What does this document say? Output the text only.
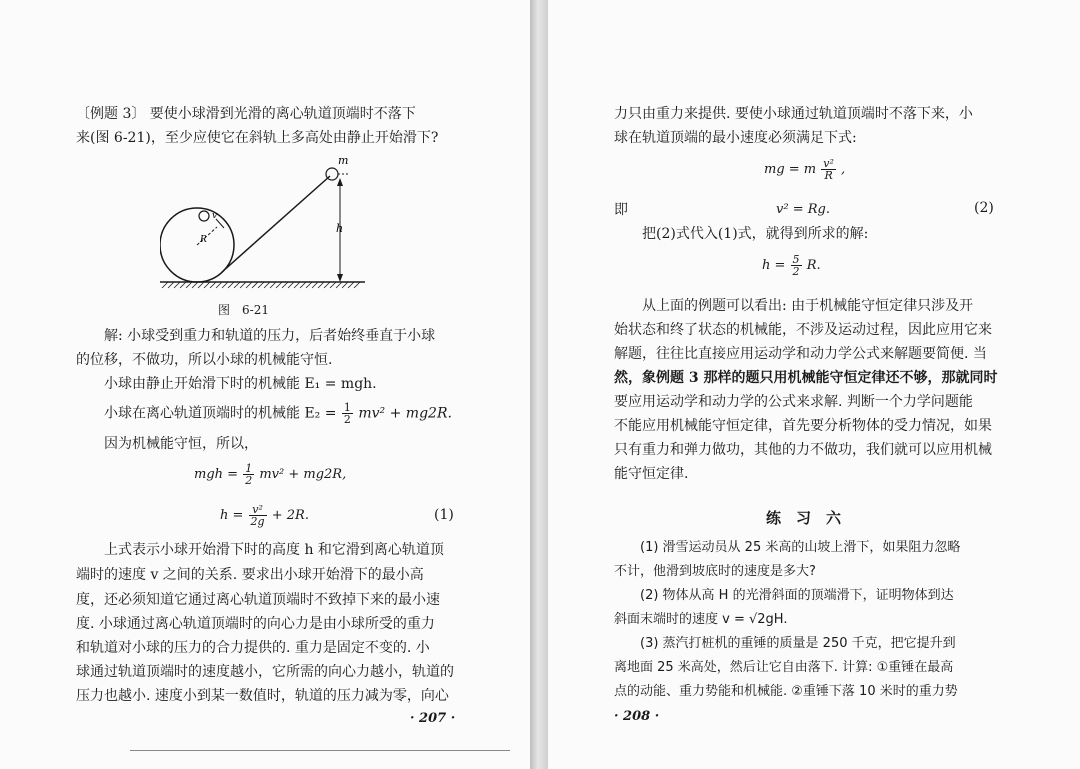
〔例题 3〕 要使小球滑到光滑的离心轨道顶端时不落下
来(图 6-21)，至少应使它在斜轨上多高处由静止开始滑下?
m
h
v
R
图　6-21
解: 小球受到重力和轨道的压力，后者始终垂直于小球
的位移，不做功，所以小球的机械能守恒.
小球由静止开始滑下时的机械能 E₁ = mgh.
小球在离心轨道顶端时的机械能 $E_2 = \frac{1}{2} mv^2 + mg2R$.
因为机械能守恒，所以，
mgh = $\frac{1}{2} mv^2 + mg2R$,
$h = \frac{\text{v²}}{2g} + 2R$.	(1)
上式表示小球开始滑下时的高度 h 和它滑到离心轨道顶
端时的速度 v 之间的关系. 要求出小球开始滑下的最小高
度，还必须知道它通过离心轨道顶端时不致掉下来的最小速
度. 小球通过离心轨道顶端时的向心力是由小球所受的重力
和轨道对小球的压力的合力提供的. 重力是固定不变的. 小
球通过轨道顶端时的速度越小，它所需的向心力越小，轨道的
压力也越小. 速度小到某一数值时，轨道的压力减为零，向心
· 207 ·
力只由重力来提供. 要使小球通过轨道顶端时不落下来，小
球在轨道顶端的最小速度必须满足下式:
mg = m $\frac{\text{v²}}{R}$ ,
即	v² = Rg.	(2)
把(2)式代入(1)式，就得到所求的解:
$h = \frac{5}{2} R$.
从上面的例题可以看出: 由于机械能守恒定律只涉及开
始状态和终了状态的机械能，不涉及运动过程，因此应用它来
解题，往往比直接应用运动学和动力学公式来解题要简便. 当
然，象例题 3 那样的题只用机械能守恒定律还不够，那就同时
要应用运动学和动力学的公式来求解. 判断一个力学问题能
不能应用机械能守恒定律，首先要分析物体的受力情况，如果
只有重力和弹力做功，其他的力不做功，我们就可以应用机械
能守恒定律.
练　习　六
(1) 滑雪运动员从 25 米高的山坡上滑下，如果阻力忽略
不计，他滑到坡底时的速度是多大?
(2) 物体从高 H 的光滑斜面的顶端滑下，证明物体到达
斜面末端时的速度 v = √2gH.
(3) 蒸汽打桩机的重锤的质量是 250 千克，把它提升到
离地面 25 米高处，然后让它自由落下. 计算: ①重锤在最高
点的动能、重力势能和机械能. ②重锤下落 10 米时的重力势
· 208 ·
